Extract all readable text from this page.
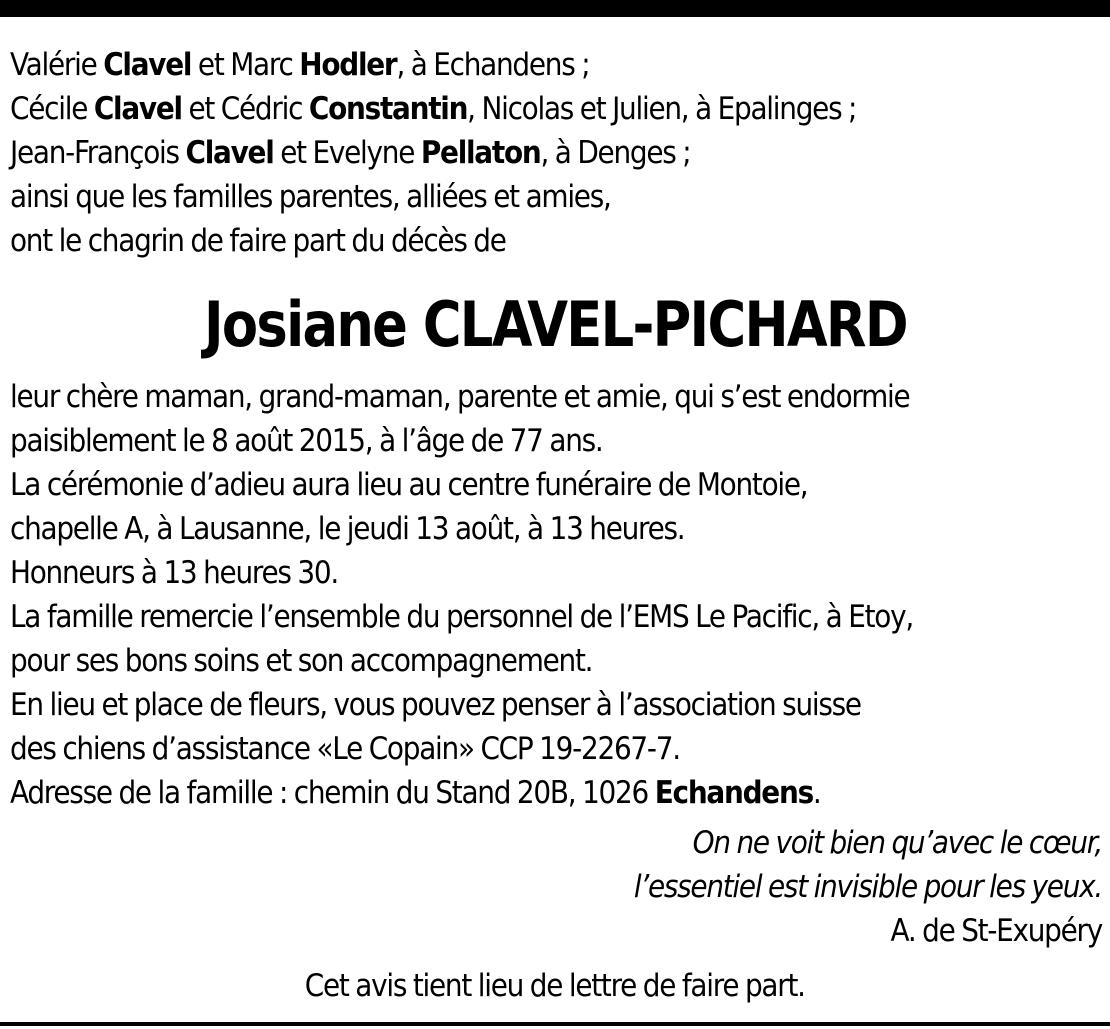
Valérie Clavel et Marc Hodler, à Echandens ;
Cécile Clavel et Cédric Constantin, Nicolas et Julien, à Epalinges ;
Jean-François Clavel et Evelyne Pellaton, à Denges ;
ainsi que les familles parentes, alliées et amies,
ont le chagrin de faire part du décès de
Josiane CLAVEL-PICHARD
leur chère maman, grand-maman, parente et amie, qui s’est endormie
paisiblement le 8 août 2015, à l’âge de 77 ans.
La cérémonie d’adieu aura lieu au centre funéraire de Montoie,
chapelle A, à Lausanne, le jeudi 13 août, à 13 heures.
Honneurs à 13 heures 30.
La famille remercie l’ensemble du personnel de l’EMS Le Pacific, à Etoy,
pour ses bons soins et son accompagnement.
En lieu et place de fleurs, vous pouvez penser à l’association suisse
des chiens d’assistance «Le Copain» CCP 19-2267-7.
Adresse de la famille : chemin du Stand 20B, 1026 Echandens.
On ne voit bien qu’avec le cœur,
l’essentiel est invisible pour les yeux.
A. de St-Exupéry
Cet avis tient lieu de lettre de faire part.
